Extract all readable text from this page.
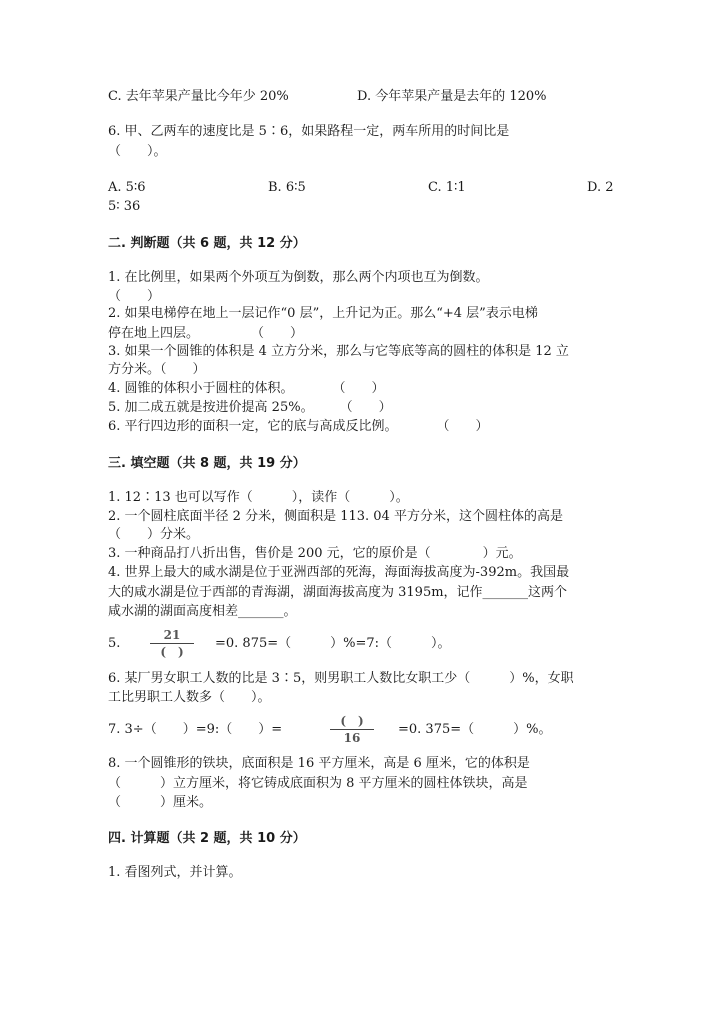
C. 去年苹果产量比今年少 20%	D. 今年苹果产量是去年的 120%
6. 甲、乙两车的速度比是 5∶6，如果路程一定，两车所用的时间比是
（　　）。
A. 5∶6	B. 6∶5	C. 1∶1	D. 2
5∶ 36
二. 判断题（共 6 题，共 12 分）
1. 在比例里，如果两个外项互为倒数，那么两个内项也互为倒数。
（　　）
2. 如果电梯停在地上一层记作“0 层”，上升记为正。那么“+4 层”表示电梯
停在地上四层。　　　　　（　　）
3. 如果一个圆锥的体积是 4 立方分米，那么与它等底等高的圆柱的体积是 12 立
方分米。（　　）
4. 圆锥的体积小于圆柱的体积。　　　　（　　）
5. 加二成五就是按进价提高 25%。　　　（　　）
6. 平行四边形的面积一定，它的底与高成反比例。　　　　（　　）
三. 填空题（共 8 题，共 19 分）
1. 12∶13 也可以写作（　　　），读作（　　　）。
2. 一个圆柱底面半径 2 分米，侧面积是 113. 04 平方分米，这个圆柱体的高是
（　　）分米。
3. 一种商品打八折出售，售价是 200 元，它的原价是（　　　　）元。
4. 世界上最大的咸水湖是位于亚洲西部的死海，海面海拔高度为-392m。我国最
大的咸水湖是位于西部的青海湖，湖面海拔高度为 3195m，记作_______这两个
咸水湖的湖面高度相差_______。
5.
21
(　)
=0. 875=（　　　）%=7:（　　　）。
6. 某厂男女职工人数的比是 3∶5，则男职工人数比女职工少（　　　）%，女职
工比男职工人数多（　　）。
7. 3÷（　　）=9:（　　）=
(　)
16
=0. 375=（　　　）%。
8. 一个圆锥形的铁块，底面积是 16 平方厘米，高是 6 厘米，它的体积是
（　　　）立方厘米，将它铸成底面积为 8 平方厘米的圆柱体铁块，高是
（　　　）厘米。
四. 计算题（共 2 题，共 10 分）
1. 看图列式，并计算。
